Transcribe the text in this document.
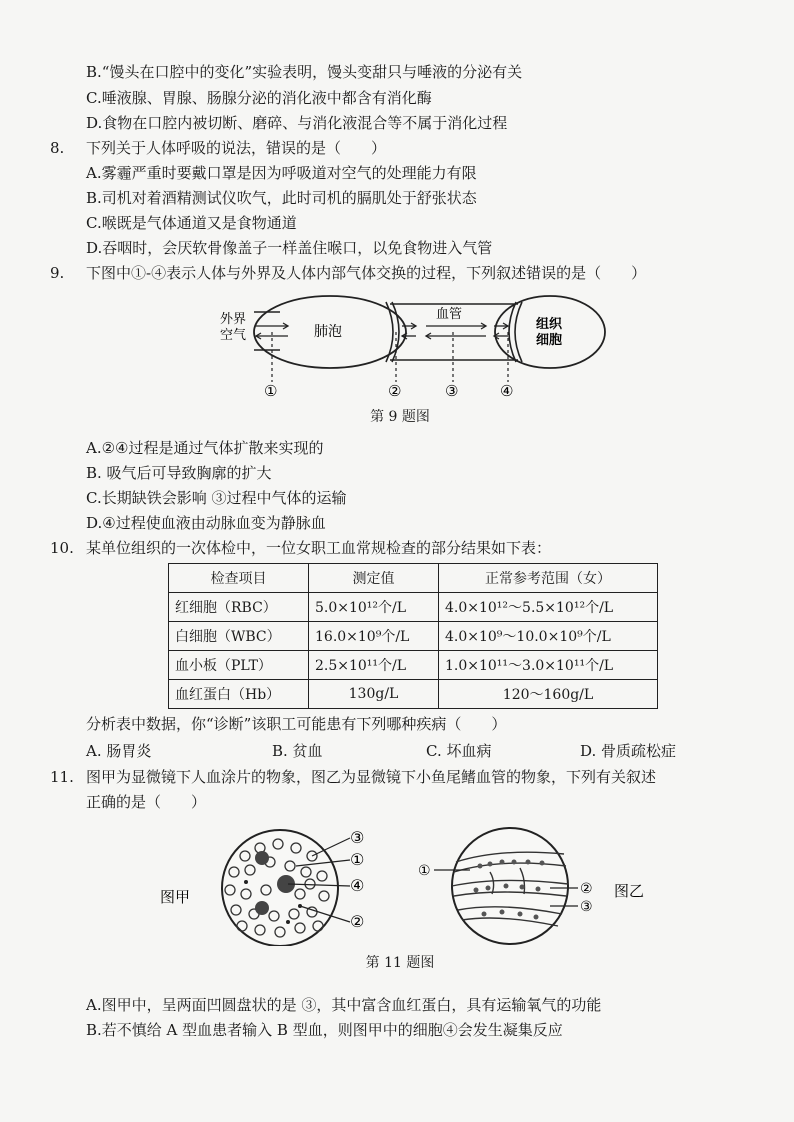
B.“馒头在口腔中的变化”实验表明，馒头变甜只与唾液的分泌有关
C.唾液腺、胃腺、肠腺分泌的消化液中都含有消化酶
D.食物在口腔内被切断、磨碎、与消化液混合等不属于消化过程
8.	下列关于人体呼吸的说法，错误的是（　　）
A.雾霾严重时要戴口罩是因为呼吸道对空气的处理能力有限
B.司机对着酒精测试仪吹气，此时司机的膈肌处于舒张状态
C.喉既是气体通道又是食物通道
D.吞咽时，会厌软骨像盖子一样盖住喉口，以免食物进入气管
9.	下图中①-④表示人体与外界及人体内部气体交换的过程，下列叙述错误的是（　　）
外界
空气	肺泡
血管
组织
细胞
①	②	③	④
第 9 题图
A.②④过程是通过气体扩散来实现的
B. 吸气后可导致胸廓的扩大
C.长期缺铁会影响 ③过程中气体的运输
D.④过程使血液由动脉血变为静脉血
10. 某单位组织的一次体检中，一位女职工血常规检查的部分结果如下表：
检查项目	测定值	正常参考范围（女）
红细胞（RBC）	5.0×10¹²个/L	4.0×10¹²～5.5×10¹²个/L
白细胞（WBC）	16.0×10⁹个/L	4.0×10⁹～10.0×10⁹个/L
血小板（PLT）	2.5×10¹¹个/L	1.0×10¹¹～3.0×10¹¹个/L
血红蛋白（Hb）	130g/L	120～160g/L
分析表中数据，你“诊断”该职工可能患有下列哪种疾病（　　）
A. 肠胃炎	B. 贫血	C. 坏血病	D. 骨质疏松症
11. 图甲为显微镜下人血涂片的物象，图乙为显微镜下小鱼尾鳍血管的物象，下列有关叙述
正确的是（　　）
图甲
③
①
④
②
①
②
③
图乙
第 11 题图
A.图甲中，呈两面凹圆盘状的是 ③，其中富含血红蛋白，具有运输氧气的功能
B.若不慎给 A 型血患者输入 B 型血，则图甲中的细胞④会发生凝集反应
